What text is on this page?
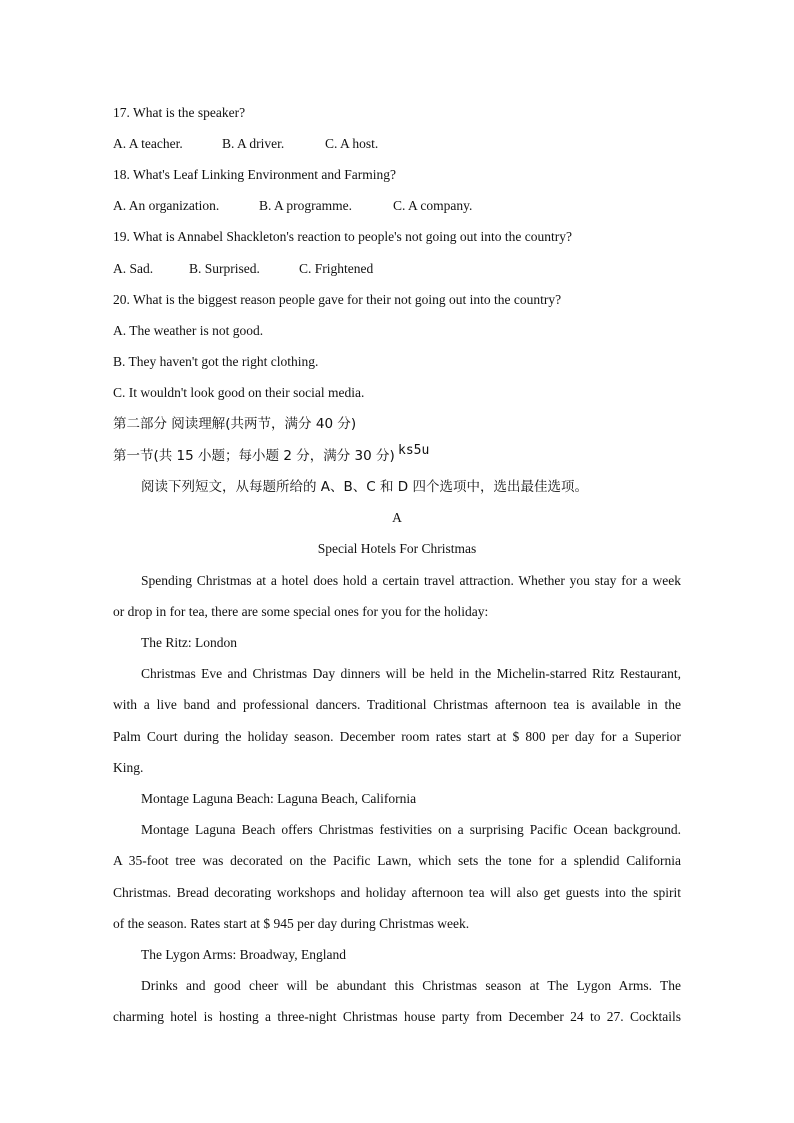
17. What is the speaker?
A. A teacher.	B. A driver.	C. A host.
18. What's Leaf Linking Environment and Farming?
A. An organization.	B. A programme.	C. A company.
19. What is Annabel Shackleton's reaction to people's not going out into the country?
A. Sad.	B. Surprised.	C. Frightened
20. What is the biggest reason people gave for their not going out into the country?
A. The weather is not good.
B. They haven't got the right clothing.
C. It wouldn't look good on their social media.
第二部分 阅读理解(共两节，满分 40 分)
第一节(共 15 小题；每小题 2 分，满分 30 分) ks5u
阅读下列短文，从每题所给的 A、B、C 和 D 四个选项中，选出最佳选项。
A
Special Hotels For Christmas
Spending Christmas at a hotel does hold a certain travel attraction. Whether you stay for a week
or drop in for tea, there are some special ones for you for the holiday:
The Ritz: London
Christmas Eve and Christmas Day dinners will be held in the Michelin-starred Ritz Restaurant,
with a live band and professional dancers. Traditional Christmas afternoon tea is available in the
Palm Court during the holiday season. December room rates start at $ 800 per day for a Superior
King.
Montage Laguna Beach: Laguna Beach, California
Montage Laguna Beach offers Christmas festivities on a surprising Pacific Ocean background.
A 35-foot tree was decorated on the Pacific Lawn, which sets the tone for a splendid California
Christmas. Bread decorating workshops and holiday afternoon tea will also get guests into the spirit
of the season. Rates start at $ 945 per day during Christmas week.
The Lygon Arms: Broadway, England
Drinks and good cheer will be abundant this Christmas season at The Lygon Arms. The
charming hotel is hosting a three-night Christmas house party from December 24 to 27. Cocktails
